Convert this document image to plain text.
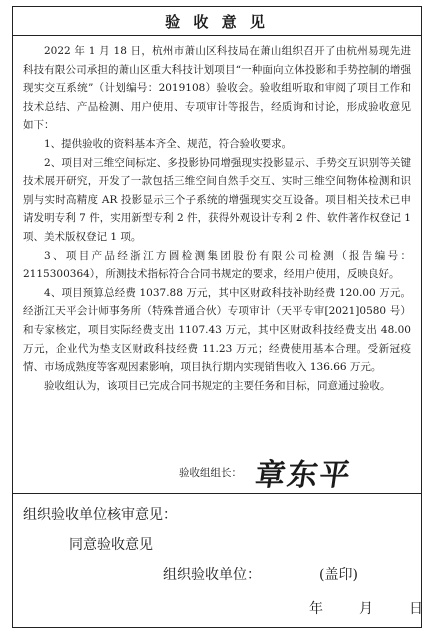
验 收 意 见

2022 年 1 月 18 日，杭州市萧山区科技局在萧山组织召开了由杭州易现先进科技有限公司承担的萧山区重大科技计划项目“一种面向立体投影和手势控制的增强现实交互系统”（计划编号：2019108）验收会。验收组听取和审阅了项目工作和技术总结、产品检测、用户使用、专项审计等报告，经质询和讨论，形成验收意见如下：

1、提供验收的资料基本齐全、规范，符合验收要求。

2、项目对三维空间标定、多投影协同增强现实投影显示、手势交互识别等关键技术展开研究，开发了一款包括三维空间自然手交互、实时三维空间物体检测和识别与实时高精度 AR 投影显示三个子系统的增强现实交互设备。项目相关技术已申请发明专利 7 件，实用新型专利 2 件，获得外观设计专利 2 件、软件著作权登记 1 项、美术版权登记 1 项。

3、项目产品经浙江方圆检测集团股份有限公司检测（报告编号：2115300364），所测技术指标符合合同书规定的要求，经用户使用，反映良好。

4、项目预算总经费 1037.88 万元，其中区财政科技补助经费 120.00 万元。经浙江天平会计师事务所（特殊普通合伙）专项审计（天平专审[2021]0580 号）和专家核定，项目实际经费支出 1107.43 万元，其中区财政科技经费支出 48.00 万元，企业代为垫支区财政科技经费 11.23 万元；经费使用基本合理。受新冠疫情、市场成熟度等客观因素影响，项目执行期内实现销售收入 136.66 万元。

验收组认为，该项目已完成合同书规定的主要任务和目标，同意通过验收。

验收组组长： 章东平
组织验收单位核审意见：
同意验收意见
组织验收单位：	(盖印)
年	月	日
